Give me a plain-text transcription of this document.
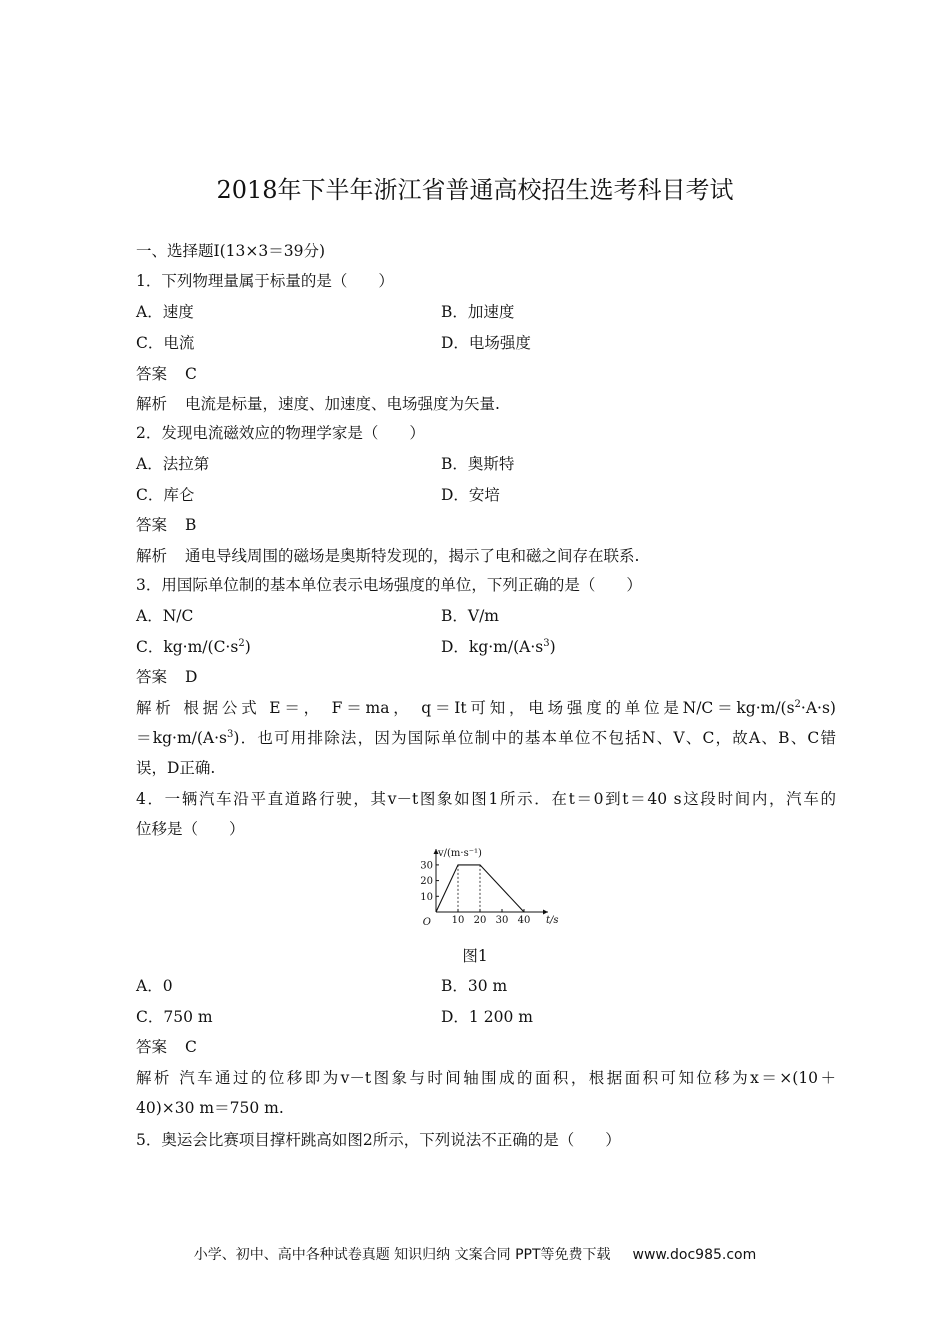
2018年下半年浙江省普通高校招生选考科目考试
一、选择题Ⅰ(13×3＝39分)
1．下列物理量属于标量的是（　　）
A．速度	B．加速度
C．电流	D．电场强度
答案 C
解析 电流是标量，速度、加速度、电场强度为矢量.
2．发现电流磁效应的物理学家是（　　）
A．法拉第	B．奥斯特
C．库仑	D．安培
答案 B
解析 通电导线周围的磁场是奥斯特发现的，揭示了电和磁之间存在联系.
3．用国际单位制的基本单位表示电场强度的单位，下列正确的是（　　）
A．N/C	B．V/m
C．$kg\cdot m/(C\cdot s^2)$	D．$kg\cdot m/(A\cdot s^3)$
答案 D
解析 根据公式 E＝， F＝ma， q＝It可知，电场强度的单位是$N/C=kg\cdot m/(s^2\cdot A\cdot s)$
$=kg\cdot m/(A\cdot s^3)$．也可用排除法，因为国际单位制中的基本单位不包括N、V、C，故A、B、C错
误，D正确.
4．一辆汽车沿平直道路行驶，其v－t图象如图1所示．在t＝0到t＝40 s这段时间内，汽车的
位移是（　　）
10 20 30 40
10
20
30
O
v/(m·s⁻¹)
t/s
图1
A．0	B．30 m
C．750 m	D．1 200 m
答案 C
解析 汽车通过的位移即为v－t图象与时间轴围成的面积，根据面积可知位移为x＝×(10＋
40)×30 m＝750 m.
5．奥运会比赛项目撑杆跳高如图2所示，下列说法不正确的是（　　）
小学、初中、高中各种试卷真题 知识归纳 文案合同 PPT等免费下载 www.doc985.com
